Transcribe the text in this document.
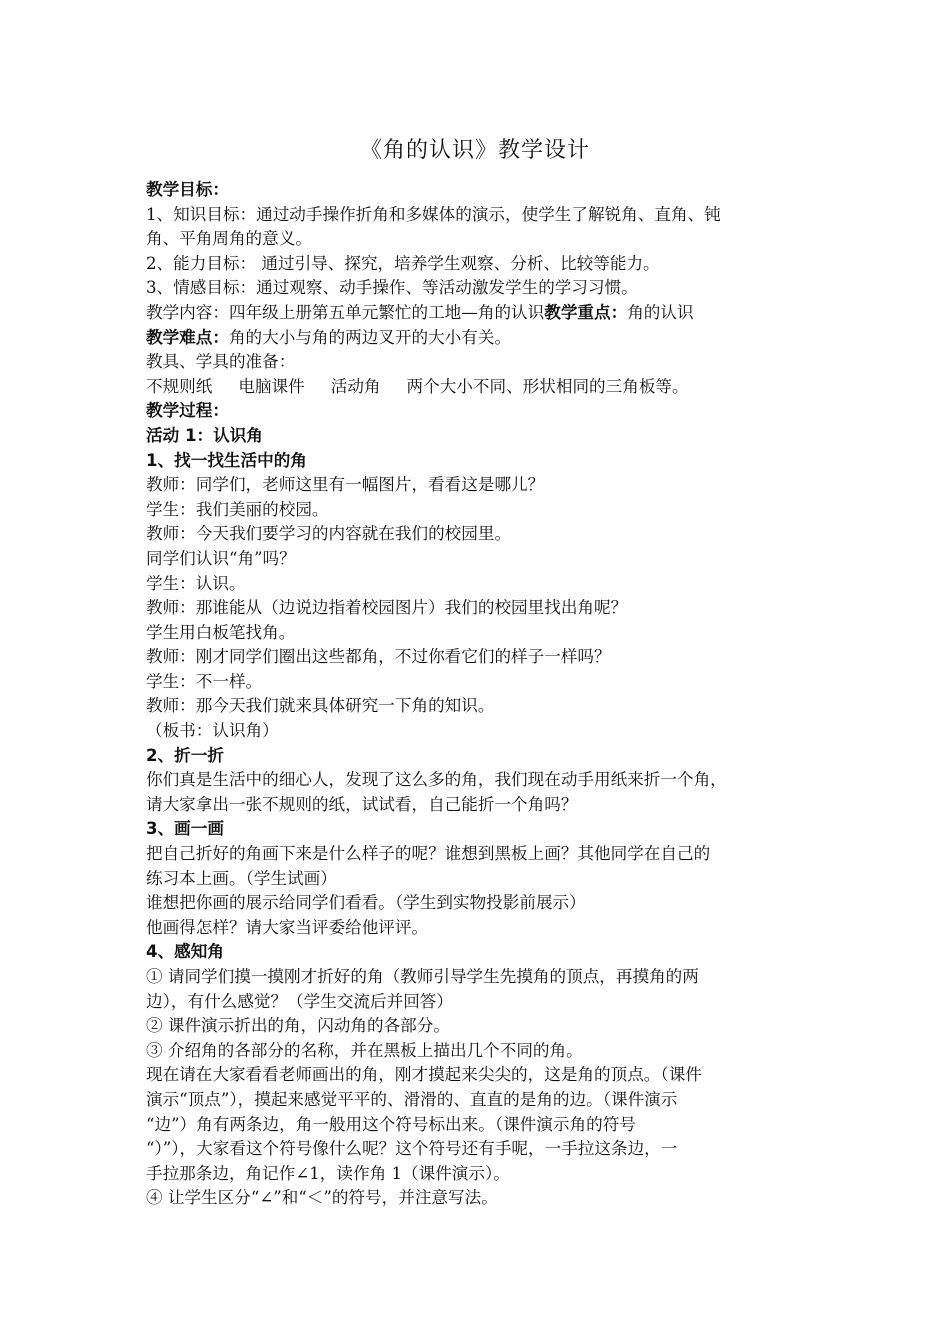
《角的认识》教学设计
教学目标：
1、知识目标：通过动手操作折角和多媒体的演示，使学生了解锐角、直角、钝
角、平角周角的意义。
2、能力目标： 通过引导、探究，培养学生观察、分析、比较等能力。
3、情感目标：通过观察、动手操作、等活动激发学生的学习习惯。
教学内容：四年级上册第五单元繁忙的工地—角的认识教学重点：角的认识
教学难点：角的大小与角的两边叉开的大小有关。
教具、学具的准备：
不规则纸 电脑课件 活动角 两个大小不同、形状相同的三角板等。
教学过程：
活动 1：认识角
1、找一找生活中的角
教师：同学们，老师这里有一幅图片，看看这是哪儿？
学生：我们美丽的校园。
教师：今天我们要学习的内容就在我们的校园里。
同学们认识“角”吗？
学生：认识。
教师：那谁能从（边说边指着校园图片）我们的校园里找出角呢？
学生用白板笔找角。
教师：刚才同学们圈出这些都角，不过你看它们的样子一样吗？
学生：不一样。
教师：那今天我们就来具体研究一下角的知识。
（板书：认识角）
2、折一折
你们真是生活中的细心人，发现了这么多的角，我们现在动手用纸来折一个角，
请大家拿出一张不规则的纸，试试看，自己能折一个角吗？
3、画一画
把自己折好的角画下来是什么样子的呢？谁想到黑板上画？其他同学在自己的
练习本上画。（学生试画）
谁想把你画的展示给同学们看看。（学生到实物投影前展示）
他画得怎样？请大家当评委给他评评。
4、感知角
① 请同学们摸一摸刚才折好的角（教师引导学生先摸角的顶点，再摸角的两
边），有什么感觉？（学生交流后并回答）
② 课件演示折出的角，闪动角的各部分。
③ 介绍角的各部分的名称，并在黑板上描出几个不同的角。
现在请在大家看看老师画出的角，刚才摸起来尖尖的，这是角的顶点。（课件
演示“顶点”），摸起来感觉平平的、滑滑的、直直的是角的边。（课件演示
“边”）角有两条边，角一般用这个符号标出来。（课件演示角的符号
“）”），大家看这个符号像什么呢？这个符号还有手呢，一手拉这条边，一
手拉那条边，角记作∠1，读作角 1（课件演示）。
④ 让学生区分“∠”和“＜”的符号，并注意写法。
